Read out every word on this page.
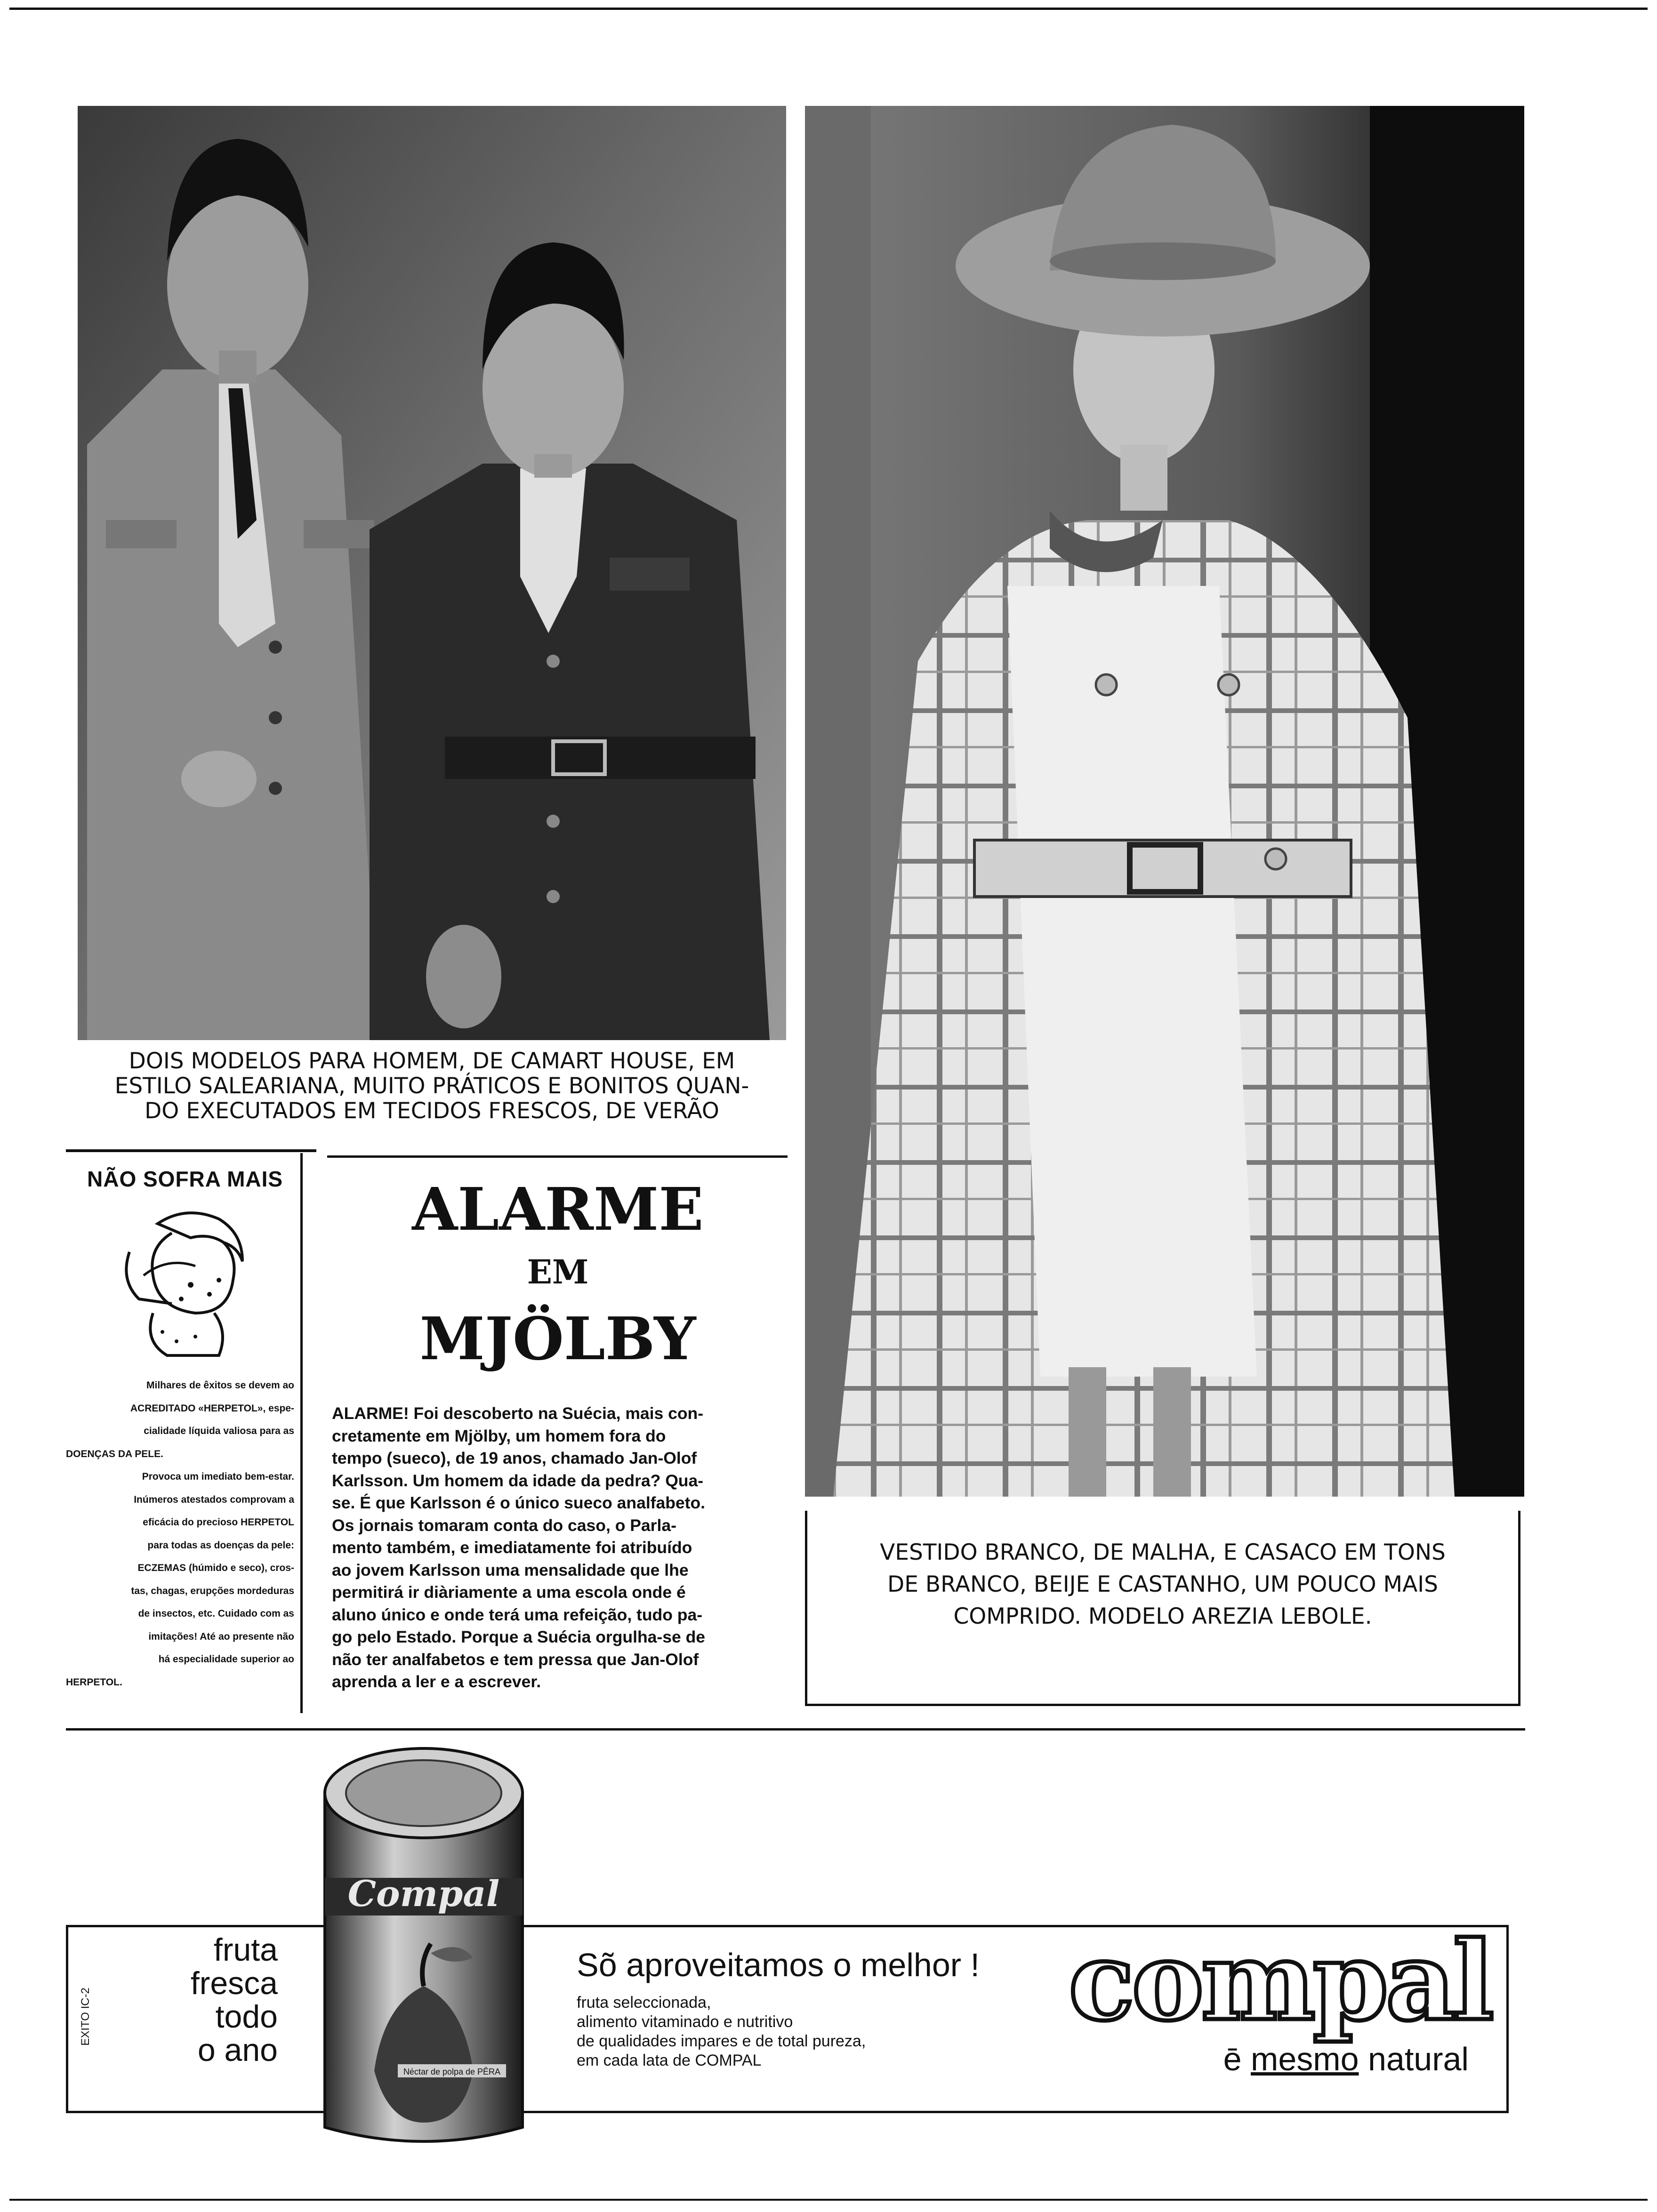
DOIS MODELOS PARA HOMEM, DE CAMART HOUSE, EM
ESTILO SALEARIANA, MUITO PRÁTICOS E BONITOS QUAN-
DO EXECUTADOS EM TECIDOS FRESCOS, DE VERÃO
VESTIDO BRANCO, DE MALHA, E CASACO EM TONS
DE BRANCO, BEIJE E CASTANHO, UM POUCO MAIS
COMPRIDO. MODELO AREZIA LEBOLE.
NÃO SOFRA MAIS

Milhares de êxitos se devem ao

ACREDITADO «HERPETOL», espe-

cialidade líquida valiosa para as

DOENÇAS DA PELE.

Provoca um imediato bem-estar.

Inúmeros atestados comprovam a

eficácia do precioso HERPETOL

para todas as doenças da pele:

ECZEMAS (húmido e seco), cros-

tas, chagas, erupções mordeduras

de insectos, etc. Cuidado com as

imitações! Até ao presente não

há especialidade superior ao

HERPETOL.

ALARME
EM
MJÖLBY

ALARME! Foi descoberto na Suécia, mais con-

cretamente em Mjölby, um homem fora do

tempo (sueco), de 19 anos, chamado Jan-Olof

Karlsson. Um homem da idade da pedra? Qua-

se. É que Karlsson é o único sueco analfabeto.

Os jornais tomaram conta do caso, o Parla-

mento também, e imediatamente foi atribuído

ao jovem Karlsson uma mensalidade que lhe

permitirá ir diàriamente a uma escola onde é

aluno único e onde terá uma refeição, tudo pa-

go pelo Estado. Porque a Suécia orgulha-se de

não ter analfabetos e tem pressa que Jan-Olof

aprenda a ler e a escrever.

EXITO IC-2
fruta
fresca
todo
o ano
Compal
Néctar de polpa de PÊRA
Sõ aproveitamos o melhor !
fruta seleccionada,
alimento vitaminado e nutritivo
de qualidades impares e de total pureza,
em cada lata de COMPAL
compal
ē mesmo natural
